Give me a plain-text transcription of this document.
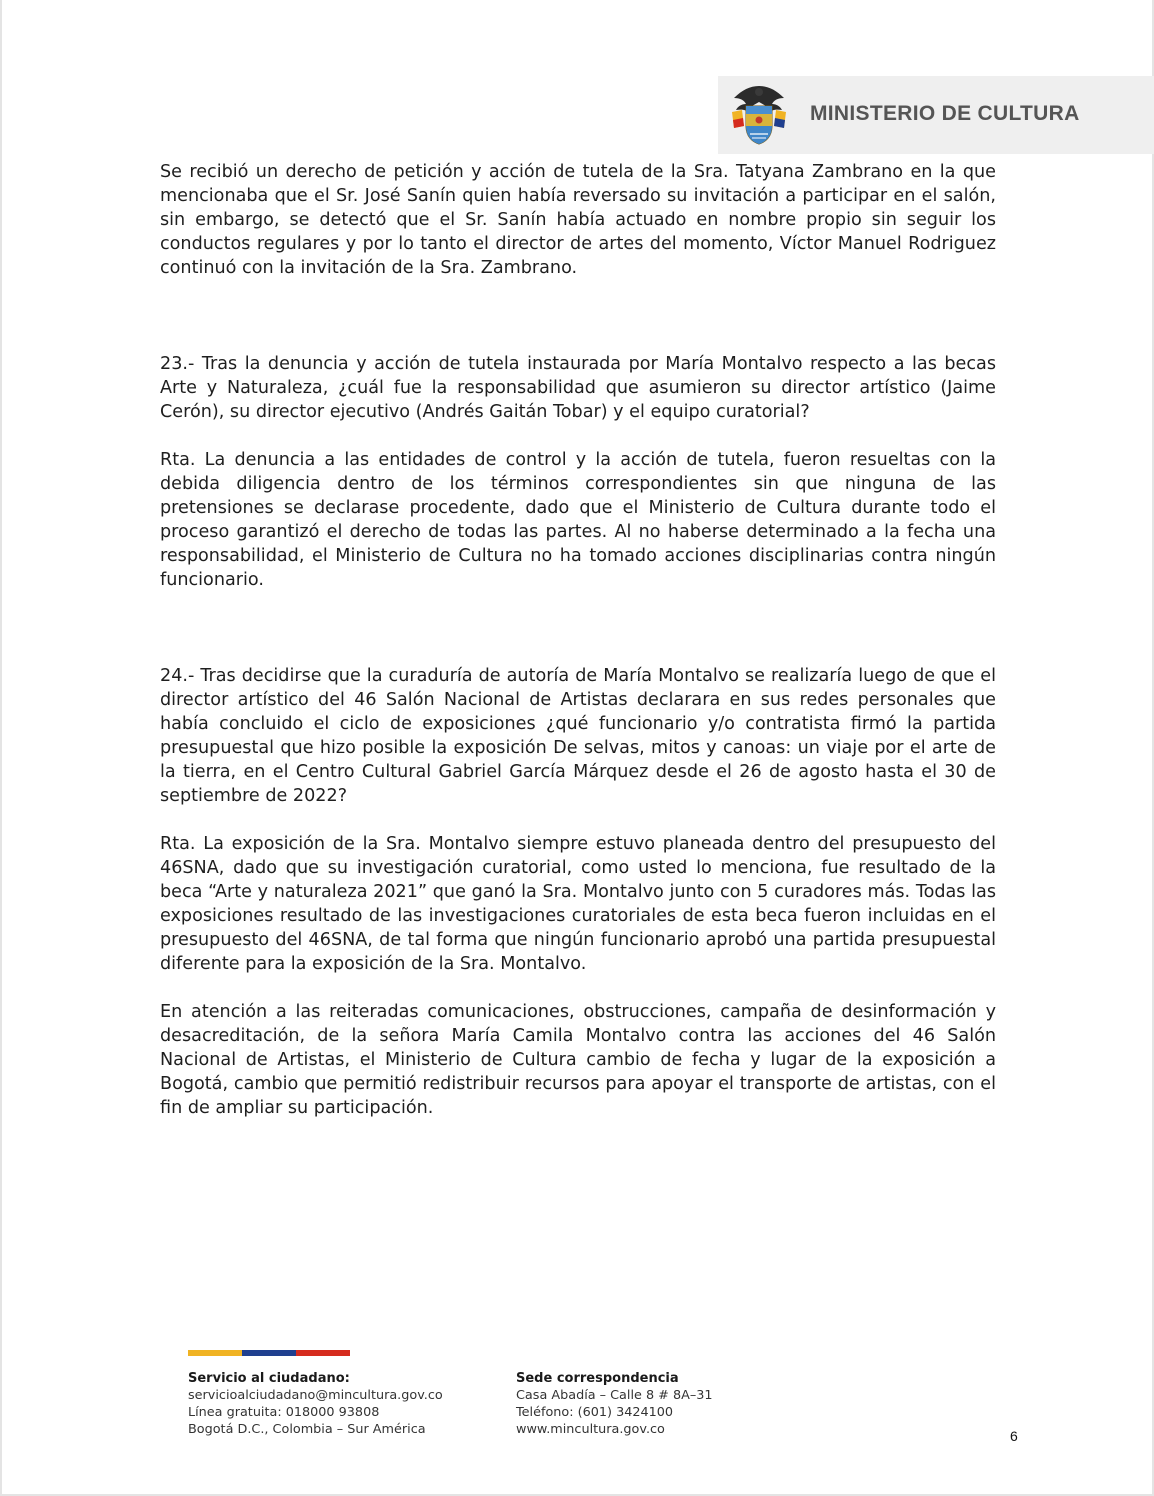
MINISTERIO DE CULTURA

Se recibió un derecho de petición y acción de tutela de la Sra. Tatyana Zambrano en la que mencionaba que el Sr. José Sanín quien había reversado su invitación a participar en el salón, sin embargo, se detectó que el Sr. Sanín había actuado en nombre propio sin seguir los conductos regulares y por lo tanto el director de artes del momento, Víctor Manuel Rodriguez continuó con la invitación de la Sra. Zambrano.

23.- Tras la denuncia y acción de tutela instaurada por María Montalvo respecto a las becas Arte y Naturaleza, ¿cuál fue la responsabilidad que asumieron su director artístico (Jaime Cerón), su director ejecutivo (Andrés Gaitán Tobar) y el equipo curatorial?

Rta. La denuncia a las entidades de control y la acción de tutela, fueron resueltas con la debida diligencia dentro de los términos correspondientes sin que ninguna de las pretensiones se declarase procedente, dado que el Ministerio de Cultura durante todo el proceso garantizó el derecho de todas las partes. Al no haberse determinado a la fecha una responsabilidad, el Ministerio de Cultura no ha tomado acciones disciplinarias contra ningún funcionario.

24.- Tras decidirse que la curaduría de autoría de María Montalvo se realizaría luego de que el director artístico del 46 Salón Nacional de Artistas declarara en sus redes personales que había concluido el ciclo de exposiciones ¿qué funcionario y/o contratista firmó la partida presupuestal que hizo posible la exposición De selvas, mitos y canoas: un viaje por el arte de la tierra, en el Centro Cultural Gabriel García Márquez desde el 26 de agosto hasta el 30 de septiembre de 2022?

Rta. La exposición de la Sra. Montalvo siempre estuvo planeada dentro del presupuesto del 46SNA, dado que su investigación curatorial, como usted lo menciona, fue resultado de la beca “Arte y naturaleza 2021” que ganó la Sra. Montalvo junto con 5 curadores más. Todas las exposiciones resultado de las investigaciones curatoriales de esta beca fueron incluidas en el presupuesto del 46SNA, de tal forma que ningún funcionario aprobó una partida presupuestal diferente para la exposición de la Sra. Montalvo.

En atención a las reiteradas comunicaciones, obstrucciones, campaña de desinformación y desacreditación, de la señora María Camila Montalvo contra las acciones del 46 Salón Nacional de Artistas, el Ministerio de Cultura cambio de fecha y lugar de la exposición a Bogotá, cambio que permitió redistribuir recursos para apoyar el transporte de artistas, con el fin de ampliar su participación.

Servicio al ciudadano:
servicioalciudadano@mincultura.gov.co
Línea gratuita: 018000 93808
Bogotá D.C., Colombia – Sur América
Sede correspondencia
Casa Abadía – Calle 8 # 8A–31
Teléfono: (601) 3424100
www.mincultura.gov.co	6
